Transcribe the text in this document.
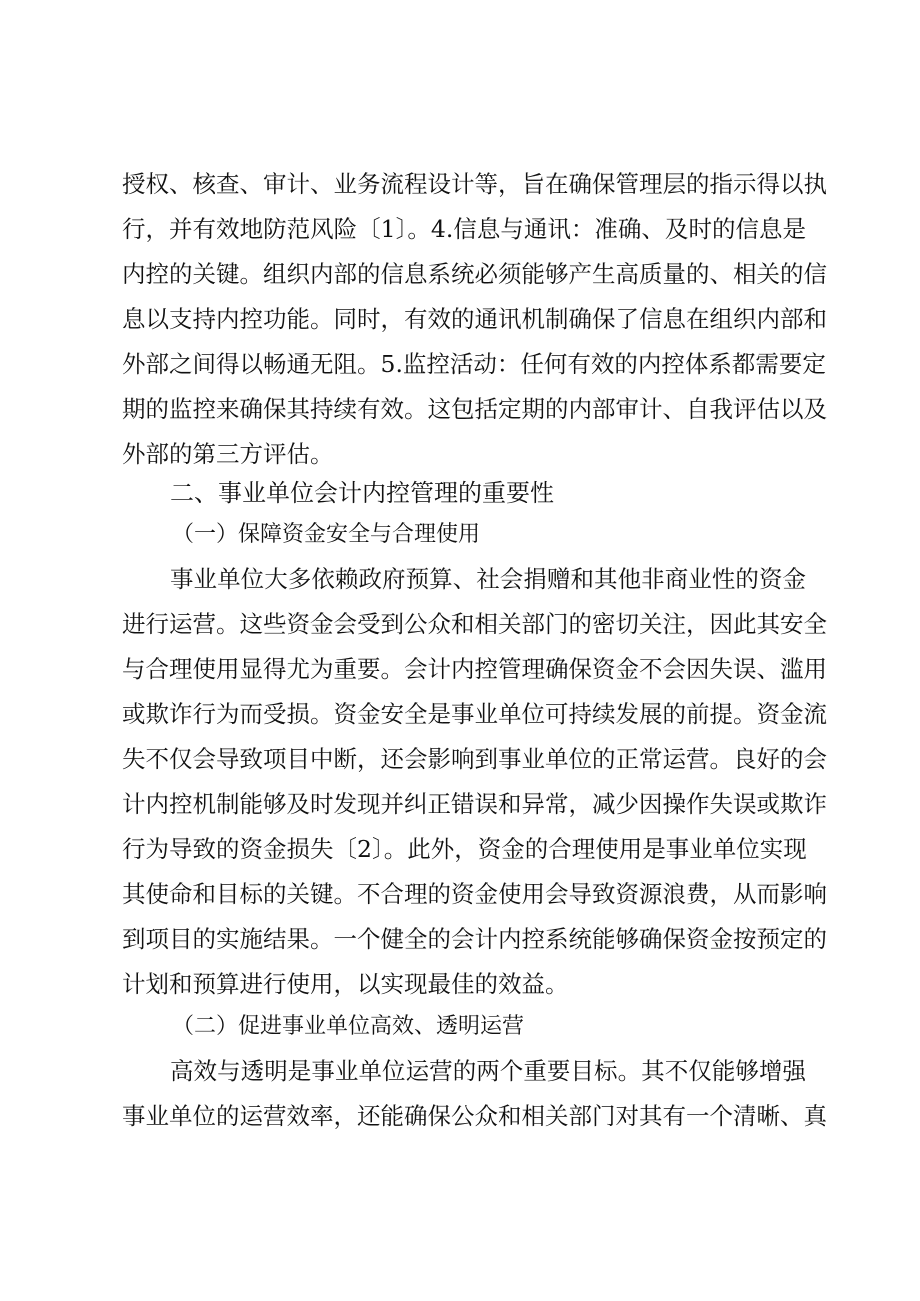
授权、核查、审计、业务流程设计等，旨在确保管理层的指示得以执
行，并有效地防范风险〔1〕。4.信息与通讯：准确、及时的信息是
内控的关键。组织内部的信息系统必须能够产生高质量的、相关的信
息以支持内控功能。同时，有效的通讯机制确保了信息在组织内部和
外部之间得以畅通无阻。5.监控活动：任何有效的内控体系都需要定
期的监控来确保其持续有效。这包括定期的内部审计、自我评估以及
外部的第三方评估。
二、事业单位会计内控管理的重要性
（一）保障资金安全与合理使用
事业单位大多依赖政府预算、社会捐赠和其他非商业性的资金
进行运营。这些资金会受到公众和相关部门的密切关注，因此其安全
与合理使用显得尤为重要。会计内控管理确保资金不会因失误、滥用
或欺诈行为而受损。资金安全是事业单位可持续发展的前提。资金流
失不仅会导致项目中断，还会影响到事业单位的正常运营。良好的会
计内控机制能够及时发现并纠正错误和异常，减少因操作失误或欺诈
行为导致的资金损失〔2〕。此外，资金的合理使用是事业单位实现
其使命和目标的关键。不合理的资金使用会导致资源浪费，从而影响
到项目的实施结果。一个健全的会计内控系统能够确保资金按预定的
计划和预算进行使用，以实现最佳的效益。
（二）促进事业单位高效、透明运营
高效与透明是事业单位运营的两个重要目标。其不仅能够增强
事业单位的运营效率，还能确保公众和相关部门对其有一个清晰、真
